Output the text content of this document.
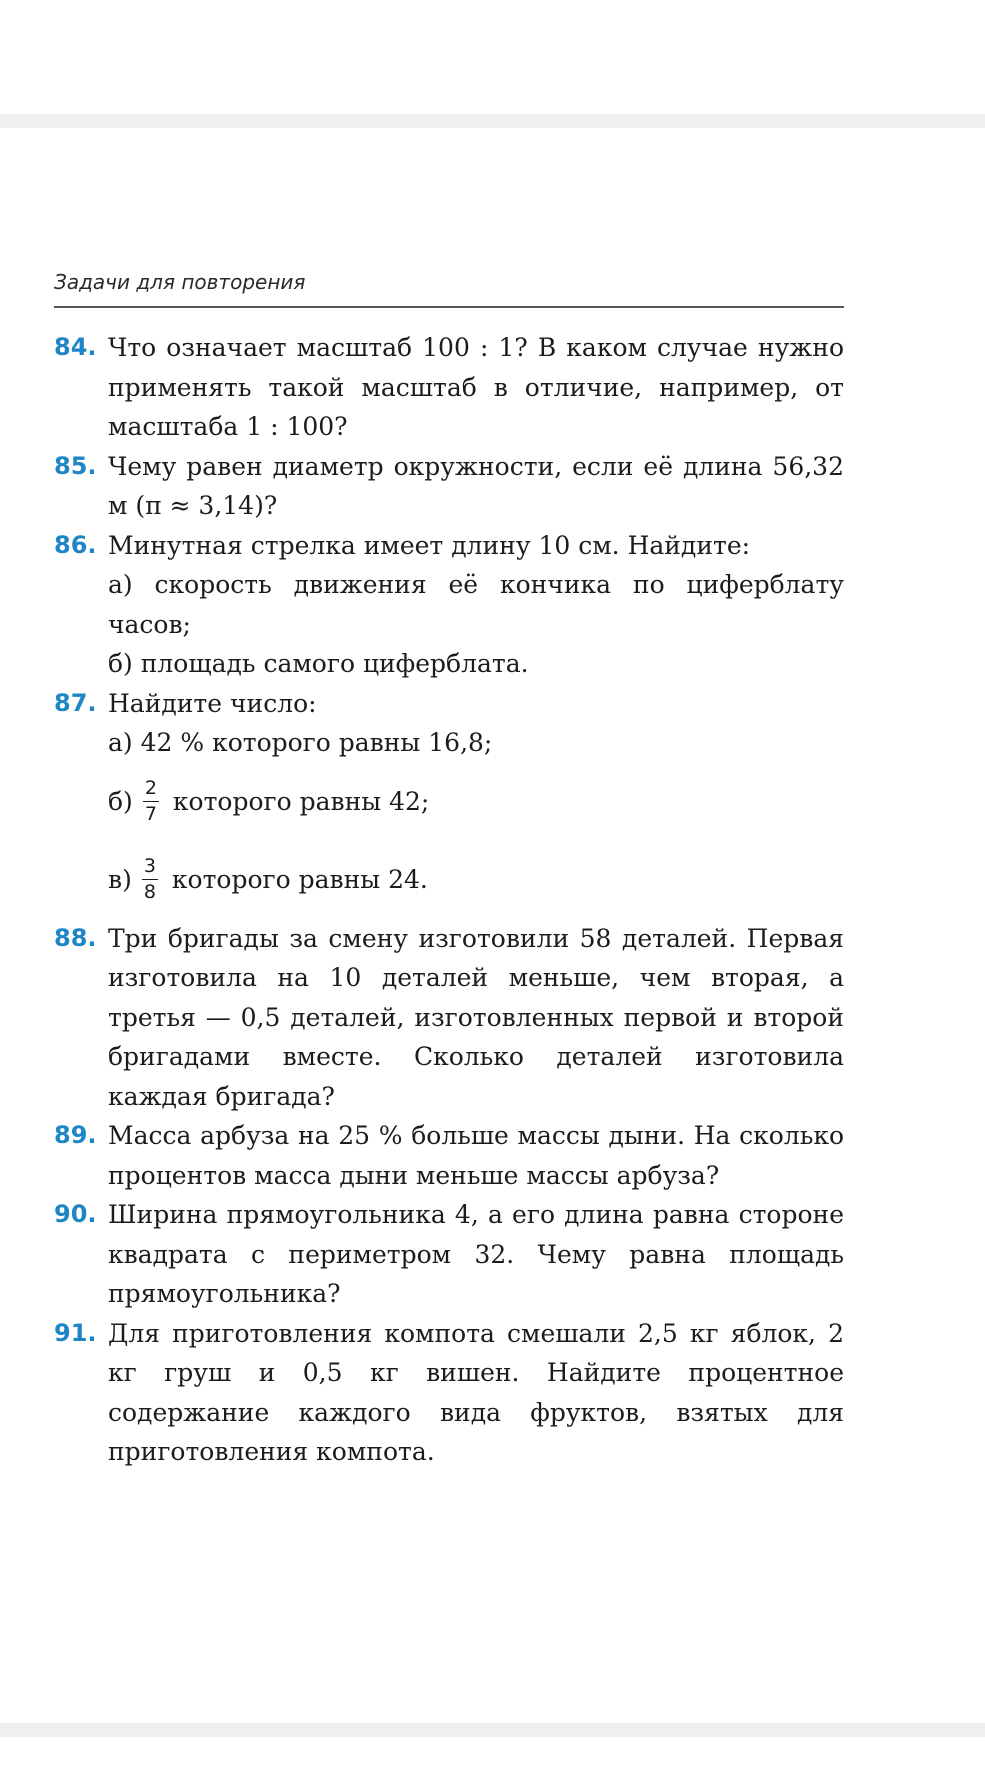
Задачи для повторения
84. Что означает масштаб 100 : 1? В каком случае нужно применять такой масштаб в отличие, например, от масштаба 1 : 100?
85. Чему равен диаметр окружности, если её длина 56,32 м (π ≈ 3,14)?
86. Минутная стрелка имеет длину 10 см. Найдите:
а) скорость движения её кончика по циферблату часов;
б) площадь самого циферблата.
87. Найдите число:
а) 42 % которого равны 16,8;
$б) \frac{2}{7}$ которого равны 42;
$в) \frac{3}{8}$ которого равны 24.
88. Три бригады за смену изготовили 58 деталей. Первая изготовила на 10 деталей меньше, чем вторая, а третья — 0,5 деталей, изготовленных первой и второй бригадами вместе. Сколько деталей изготовила каждая бригада?
89. Масса арбуза на 25 % больше массы дыни. На сколько процентов масса дыни меньше массы арбуза?
90. Ширина прямоугольника 4, а его длина равна стороне квадрата с периметром 32. Чему равна площадь прямоугольника?
91. Для приготовления компота смешали 2,5 кг яблок, 2 кг груш и 0,5 кг вишен. Найдите процентное содержание каждого вида фруктов, взятых для приготовления компота.
